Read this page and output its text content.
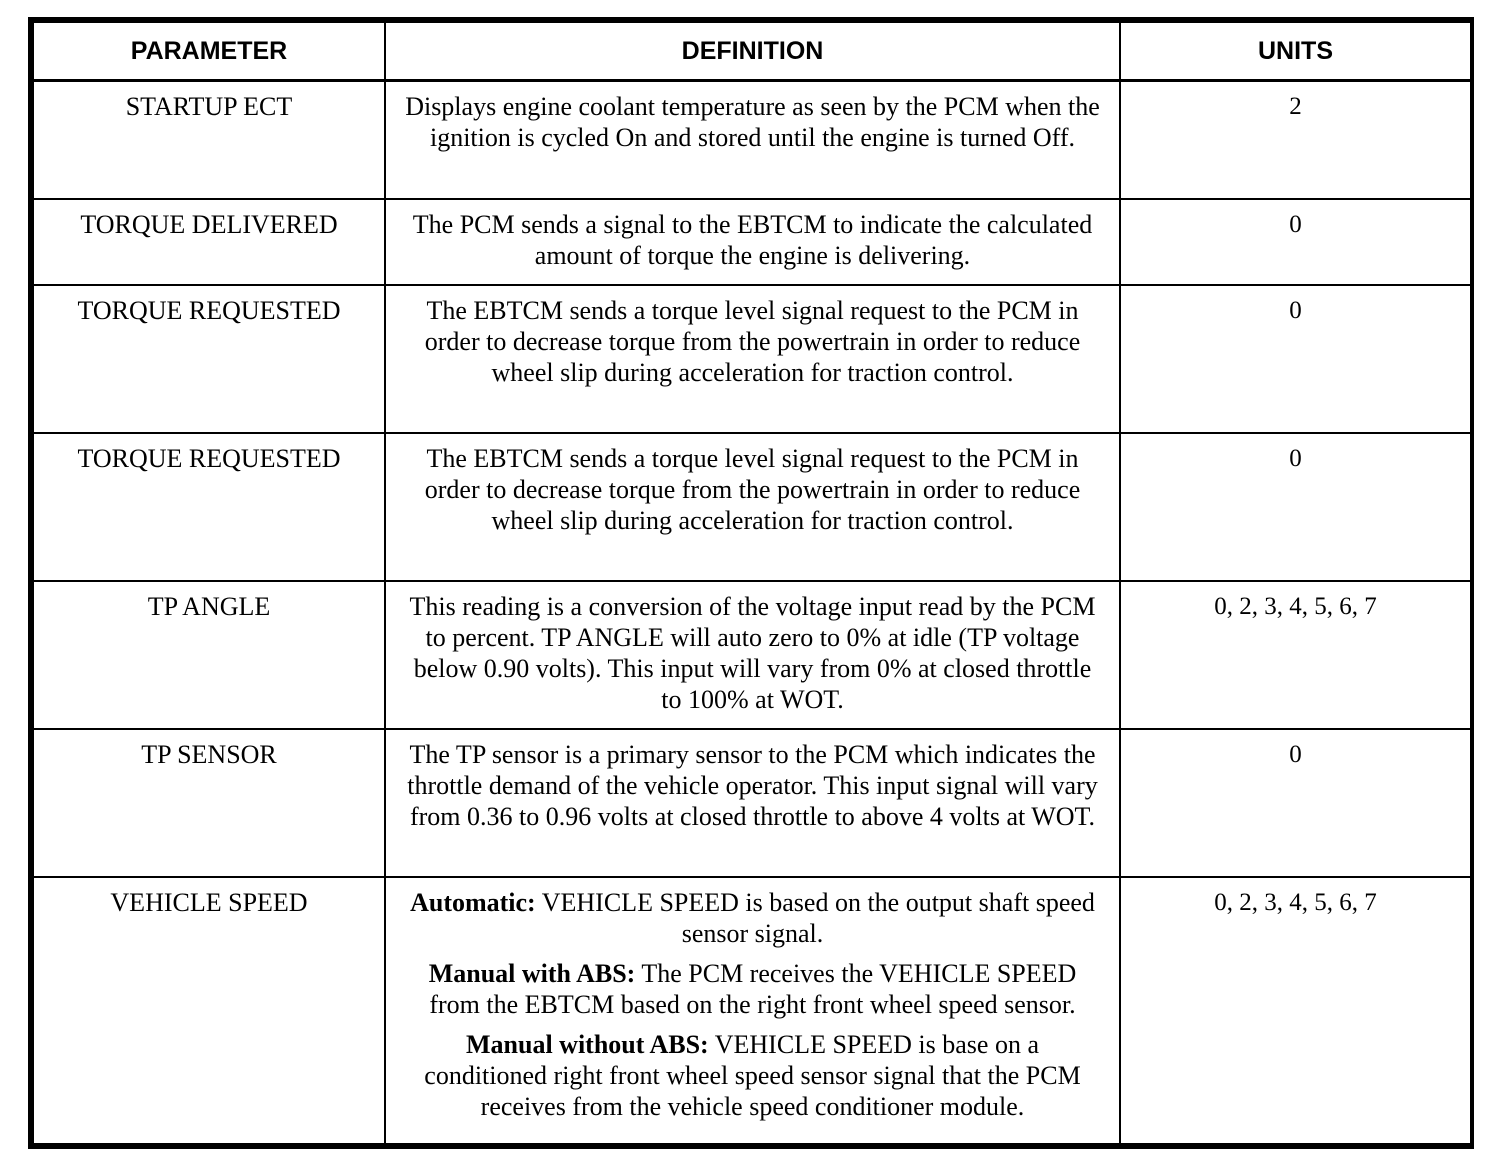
PARAMETER	DEFINITION	UNITS
STARTUP ECT	Displays engine coolant temperature as seen by the PCM when the ignition is cycled On and stored until the engine is turned Off.	2
TORQUE DELIVERED	The PCM sends a signal to the EBTCM to indicate the calculated amount of torque the engine is delivering.	0
TORQUE REQUESTED	The EBTCM sends a torque level signal request to the PCM in order to decrease torque from the powertrain in order to reduce wheel slip during acceleration for traction control.	0
TORQUE REQUESTED	The EBTCM sends a torque level signal request to the PCM in order to decrease torque from the powertrain in order to reduce wheel slip during acceleration for traction control.	0
TP ANGLE	This reading is a conversion of the voltage input read by the PCM to percent. TP ANGLE will auto zero to 0% at idle (TP voltage below 0.90 volts). This input will vary from 0% at closed throttle to 100% at WOT.	0, 2, 3, 4, 5, 6, 7
TP SENSOR	The TP sensor is a primary sensor to the PCM which indicates the throttle demand of the vehicle operator. This input signal will vary from 0.36 to 0.96 volts at closed throttle to above 4 volts at WOT.	0
VEHICLE SPEED	Automatic: VEHICLE SPEED is based on the output shaft speed sensor signal.
Manual with ABS: The PCM receives the VEHICLE SPEED from the EBTCM based on the right front wheel speed sensor.
Manual without ABS: VEHICLE SPEED is base on a conditioned right front wheel speed sensor signal that the PCM receives from the vehicle speed conditioner module.	0, 2, 3, 4, 5, 6, 7
